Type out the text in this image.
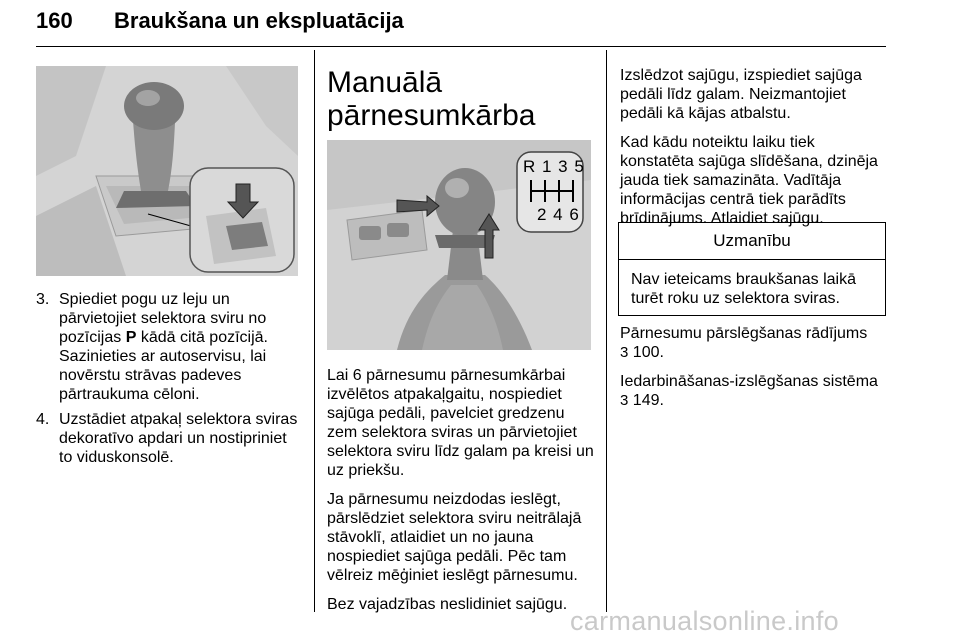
160 Braukšana un ekspluatācija
3. Spiediet pogu uz leju un pārvietojiet selektora sviru no pozīcijas P kādā citā pozīcijā. Sazinieties ar autoservisu, lai novērstu strāvas padeves pārtraukuma cēloni.
4. Uzstādiet atpakaļ selektora sviras dekoratīvo apdari un nostipriniet to viduskonsolē.
Manuālā
pārnesumkārba
R 1 3 5
2 4 6

Lai 6 pārnesumu pārnesumkārbai izvēlētos atpakaļgaitu, nospiediet sajūga pedāli, pavelciet gredzenu zem selektora sviras un pārvietojiet selektora sviru līdz galam pa kreisi un uz priekšu.

Ja pārnesumu neizdodas ieslēgt, pārslēdziet selektora sviru neitrālajā stāvoklī, atlaidiet un no jauna nospiediet sajūga pedāli. Pēc tam vēlreiz mēģiniet ieslēgt pārnesumu.

Bez vajadzības neslidiniet sajūgu.

Izslēdzot sajūgu, izspiediet sajūga pedāli līdz galam. Neizmantojiet pedāli kā kājas atbalstu.

Kad kādu noteiktu laiku tiek konstatēta sajūga slīdēšana, dzinēja jauda tiek samazināta. Vadītāja informācijas centrā tiek parādīts brīdinājums. Atlaidiet sajūgu.

Uzmanību
Nav ieteicams braukšanas laikā turēt roku uz selektora sviras.

Pārnesumu pārslēgšanas rādījums
3 100.

Iedarbināšanas-izslēgšanas sistēma
3 149.

carmanualsonline.info
